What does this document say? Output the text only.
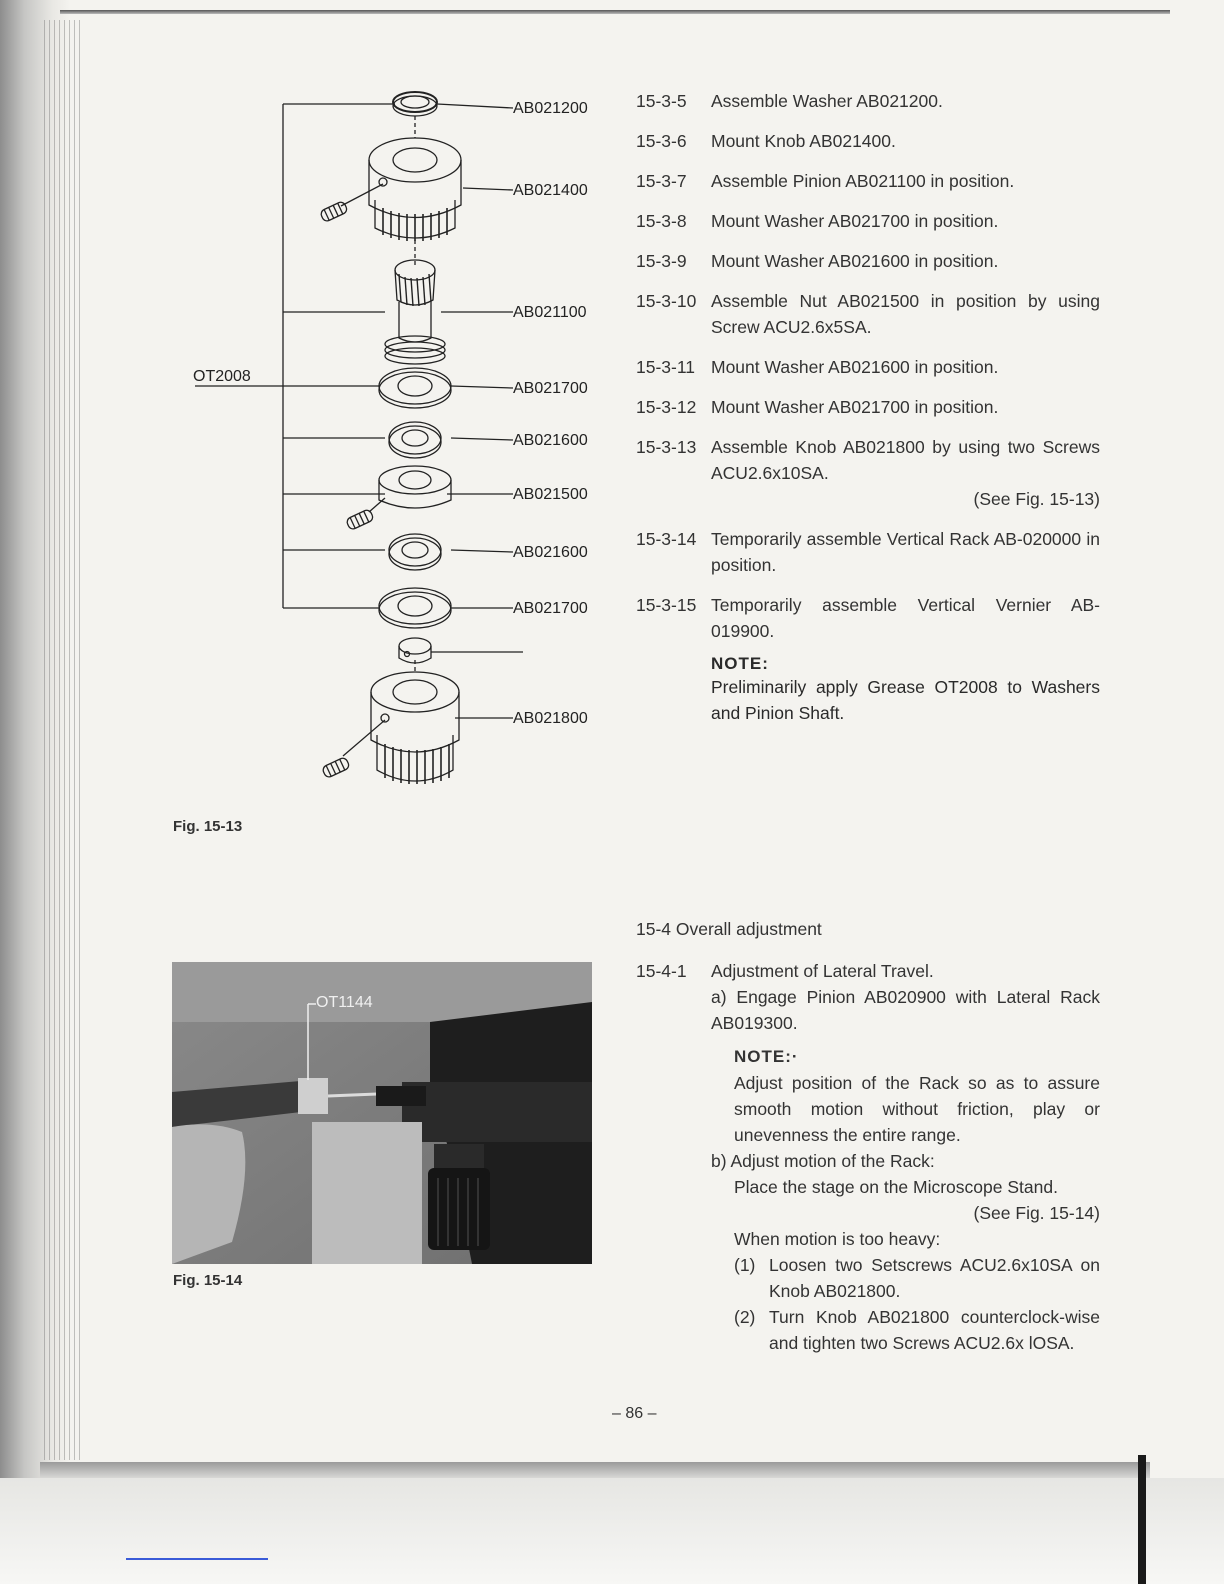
AB021200
AB021400
AB021100
OT2008
AB021700
AB021600
AB021500
AB021600
AB021700
AB021800
Fig. 15-13
15-3-5 Assemble Washer AB021200.
15-3-6 Mount Knob AB021400.
15-3-7 Assemble Pinion AB021100 in position.
15-3-8 Mount Washer AB021700 in position.
15-3-9 Mount Washer AB021600 in position.
15-3-10 Assemble Nut AB021500 in position by using Screw ACU2.6x5SA.
15-3-11 Mount Washer AB021600 in position.
15-3-12 Mount Washer AB021700 in position.
15-3-13 Assemble Knob AB021800 by using two Screws ACU2.6x10SA.
(See Fig. 15-13)
15-3-14 Temporarily assemble Vertical Rack AB-020000 in position.
15-3-15 Temporarily assemble Vertical Vernier AB-019900.
NOTE:
Preliminarily apply Grease OT2008 to Washers and Pinion Shaft.
OT1144
Fig. 15-14
15-4 Overall adjustment
15-4-1 Adjustment of Lateral Travel.
a) Engage Pinion AB020900 with Lateral Rack AB019300.
NOTE:·
Adjust position of the Rack so as to assure smooth motion without friction, play or unevenness the entire range.
b) Adjust motion of the Rack:
Place the stage on the Microscope Stand.
(See Fig. 15-14)
When motion is too heavy:
(1) Loosen two Setscrews ACU2.6x10SA on Knob AB021800.
(2) Turn Knob AB021800 counterclock-wise and tighten two Screws ACU2.6x lOSA.
– 86 –
